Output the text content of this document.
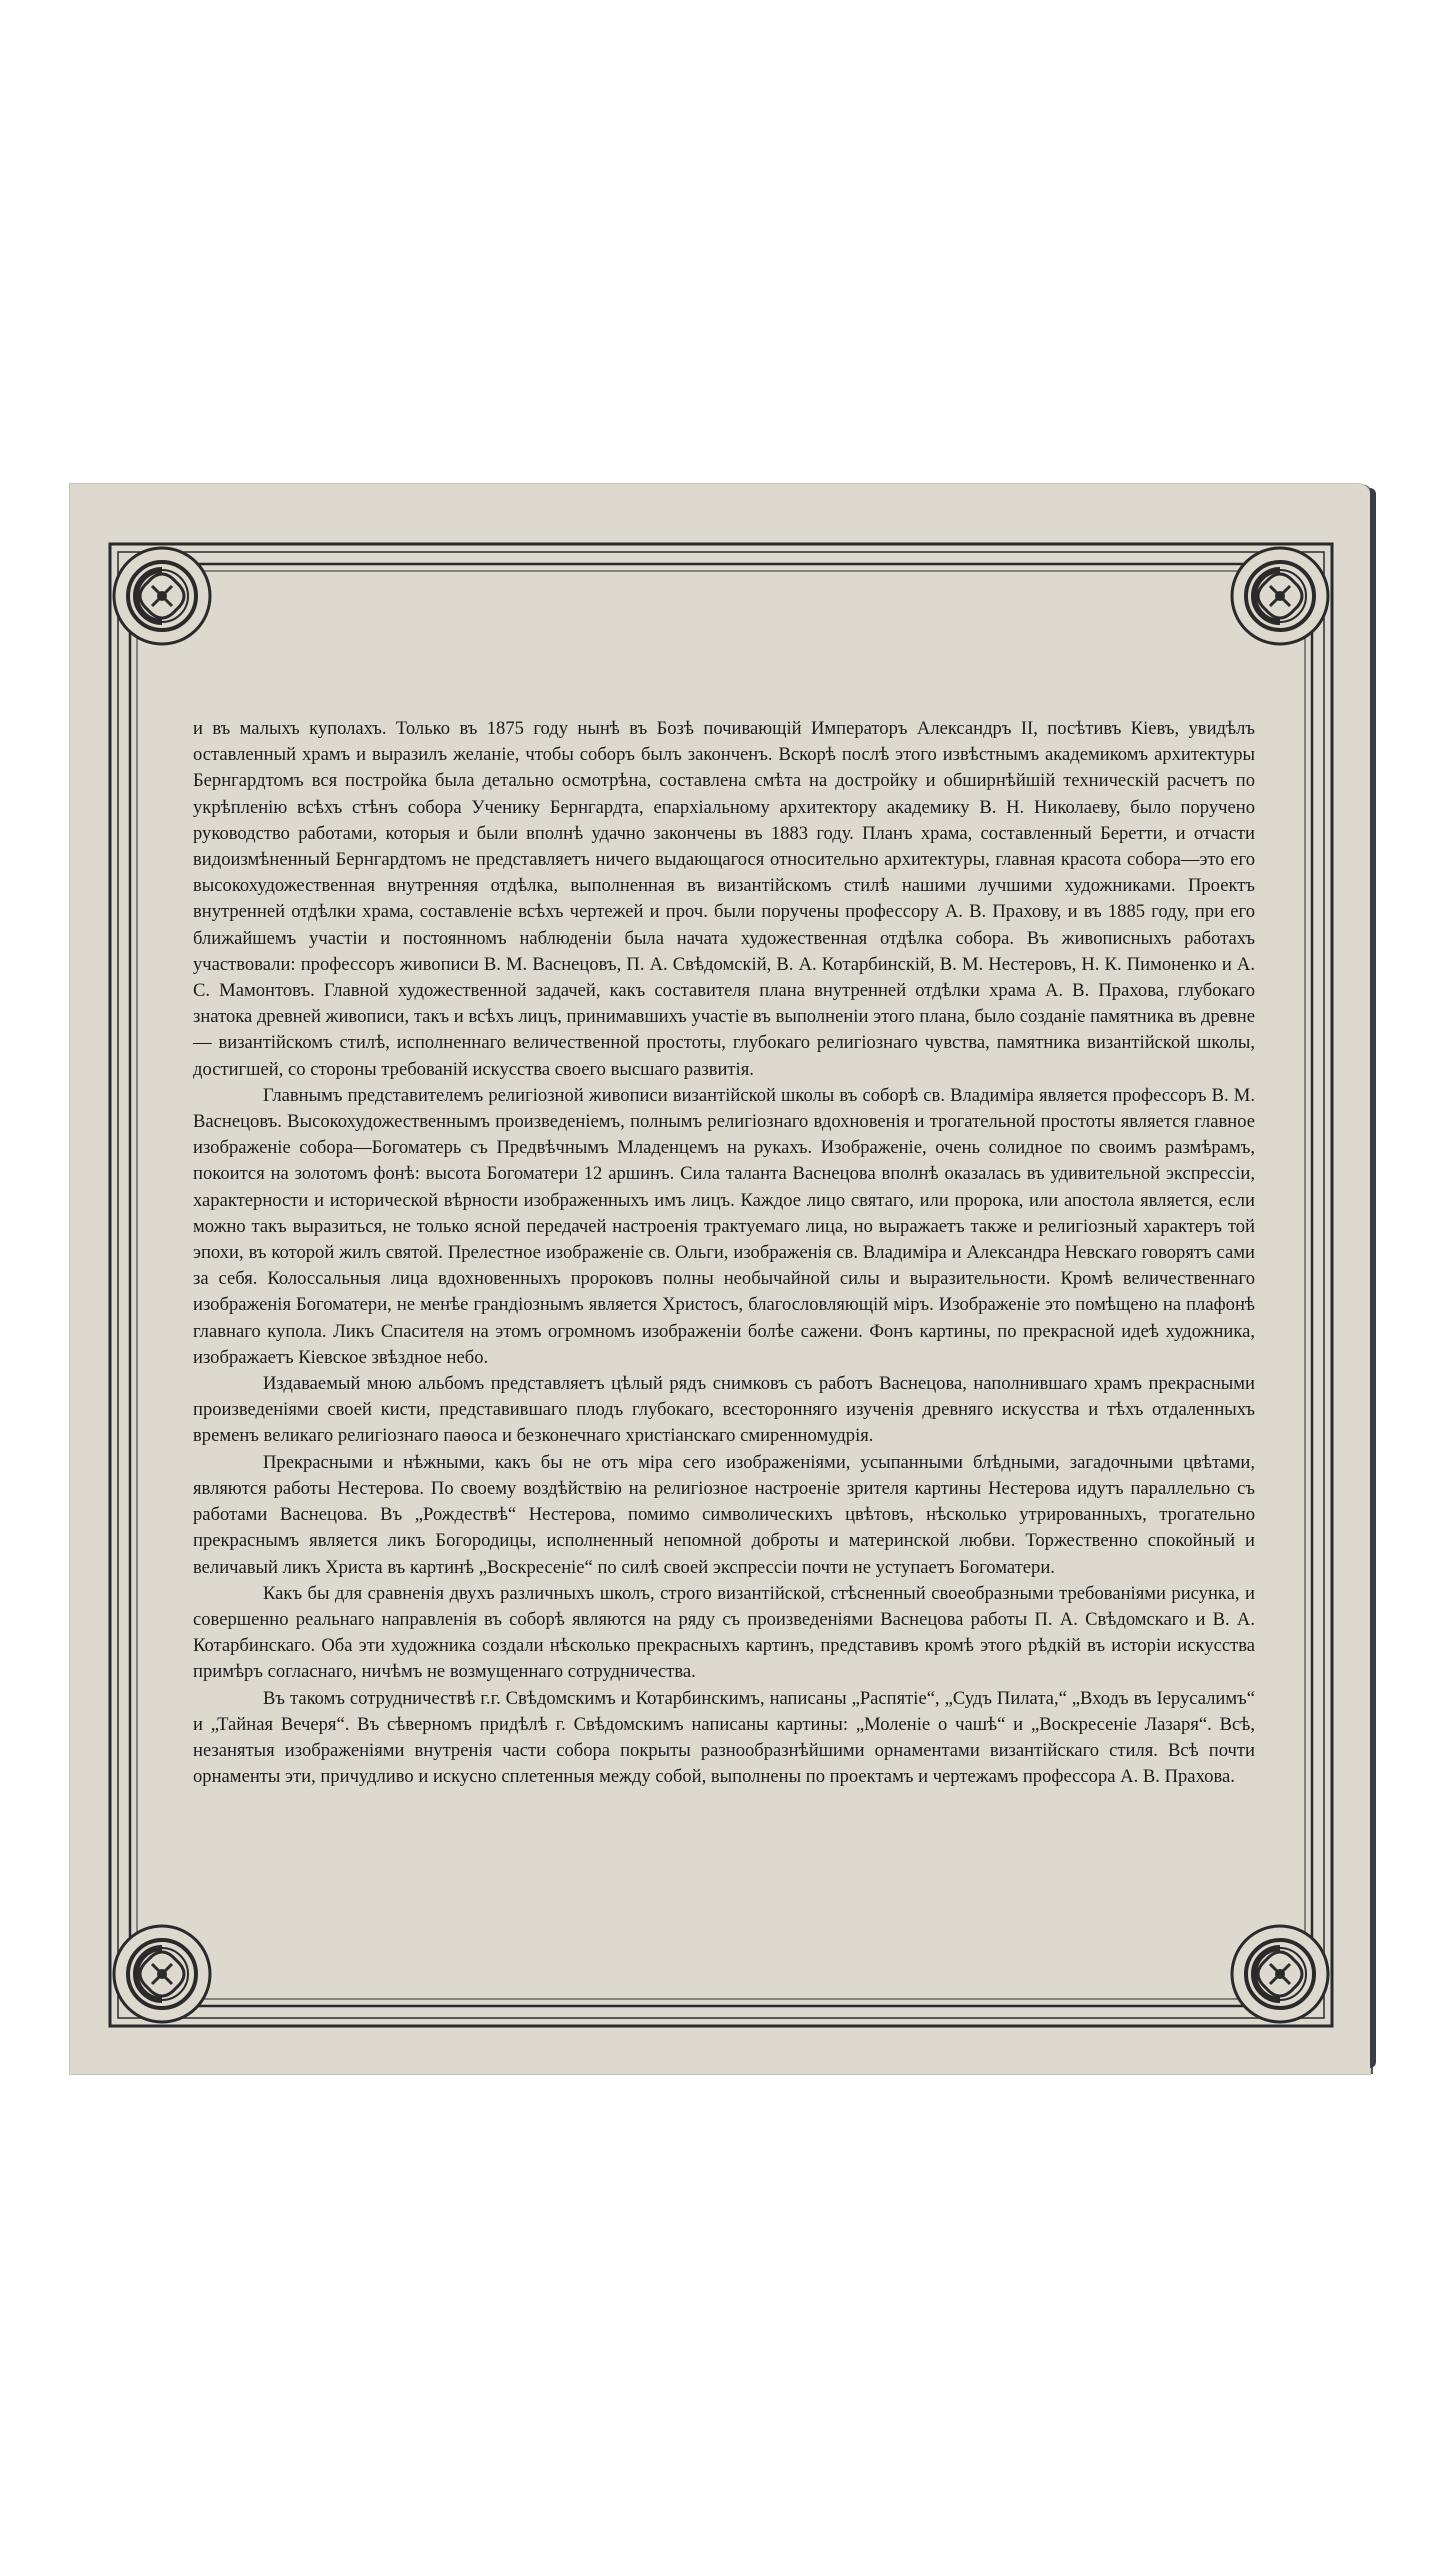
и въ малыхъ куполахъ. Только въ 1875 году нынѣ въ Бозѣ почивающій Императоръ Александръ II, посѣтивъ Кіевъ, увидѣлъ оставленный храмъ и выразилъ желаніе, чтобы соборъ былъ законченъ. Вскорѣ послѣ этого извѣстнымъ академикомъ архитектуры Бернгардтомъ вся постройка была детально осмотрѣна, составлена смѣта на достройку и обширнѣйшій техническій расчетъ по укрѣпленію всѣхъ стѣнъ собора Ученику Бернгардта, епархіальному архитектору академику В. Н. Николаеву, было поручено руководство работами, которыя и были вполнѣ удачно закончены въ 1883 году. Планъ храма, составленный Беретти, и отчасти видоизмѣненный Бернгардтомъ не представляетъ ничего выдающагося относительно архитектуры, главная красота собора—это его высокохудожественная внутренняя отдѣлка, выполненная въ византійскомъ стилѣ нашими лучшими художниками. Проектъ внутренней отдѣлки храма, составленіе всѣхъ чертежей и проч. были поручены профессору А. В. Прахову, и въ 1885 году, при его ближайшемъ участіи и постоянномъ наблюденіи была начата художественная отдѣлка собора. Въ живописныхъ работахъ участвовали: профессоръ живописи В. М. Васнецовъ, П. А. Свѣдомскій, В. А. Котарбинскій, В. М. Нестеровъ, Н. К. Пимоненко и А. С. Мамонтовъ. Главной художественной задачей, какъ составителя плана внутренней отдѣлки храма А. В. Прахова, глубокаго знатока древней живописи, такъ и всѣхъ лицъ, принимавшихъ участіе въ выполненіи этого плана, было созданіе памятника въ древне — византійскомъ стилѣ, исполненнаго величественной простоты, глубокаго религіознаго чувства, памятника византійской школы, достигшей, со стороны требованій искусства своего высшаго развитія.

Главнымъ представителемъ религіозной живописи византійской школы въ соборѣ св. Владиміра является профессоръ В. М. Васнецовъ. Высокохудожественнымъ произведеніемъ, полнымъ религіознаго вдохновенія и трогательной простоты является главное изображеніе собора—Богоматерь съ Предвѣчнымъ Младенцемъ на рукахъ. Изображеніе, очень солидное по своимъ размѣрамъ, покоится на золотомъ фонѣ: высота Богоматери 12 аршинъ. Сила таланта Васнецова вполнѣ оказалась въ удивительной экспрессіи, характерности и исторической вѣрности изображенныхъ имъ лицъ. Каждое лицо святаго, или пророка, или апостола является, если можно такъ выразиться, не только ясной передачей настроенія трактуемаго лица, но выражаетъ также и религіозный характеръ той эпохи, въ которой жилъ святой. Прелестное изображеніе св. Ольги, изображенія св. Владиміра и Александра Невскаго говорятъ сами за себя. Колоссальныя лица вдохновенныхъ пророковъ полны необычайной силы и выразительности. Кромѣ величественнаго изображенія Богоматери, не менѣе грандіознымъ является Христосъ, благословляющій міръ. Изображеніе это помѣщено на плафонѣ главнаго купола. Ликъ Спасителя на этомъ огромномъ изображеніи болѣе сажени. Фонъ картины, по прекрасной идеѣ художника, изображаетъ Кіевское звѣздное небо.

Издаваемый мною альбомъ представляетъ цѣлый рядъ снимковъ съ работъ Васнецова, наполнившаго храмъ прекрасными произведеніями своей кисти, представившаго плодъ глубокаго, всесторонняго изученія древняго искусства и тѣхъ отдаленныхъ временъ великаго религіознаго паѳоса и безконечнаго христіанскаго смиренномудрія.

Прекрасными и нѣжными, какъ бы не отъ міра сего изображеніями, усыпанными блѣдными, загадочными цвѣтами, являются работы Нестерова. По своему воздѣйствію на религіозное настроеніе зрителя картины Нестерова идутъ параллельно съ работами Васнецова. Въ „Рождествѣ“ Нестерова, помимо символическихъ цвѣтовъ, нѣсколько утрированныхъ, трогательно прекраснымъ является ликъ Богородицы, исполненный непомной доброты и материнской любви. Торжественно спокойный и величавый ликъ Христа въ картинѣ „Воскресеніе“ по силѣ своей экспрессіи почти не уступаетъ Богоматери.

Какъ бы для сравненія двухъ различныхъ школъ, строго византійской, стѣсненный своеобразными требованіями рисунка, и совершенно реальнаго направленія въ соборѣ являются на ряду съ произведеніями Васнецова работы П. А. Свѣдомскаго и В. А. Котарбинскаго. Оба эти художника создали нѣсколько прекрасныхъ картинъ, представивъ кромѣ этого рѣдкій въ исторіи искусства примѣръ согласнаго, ничѣмъ не возмущеннаго сотрудничества.

Въ такомъ сотрудничествѣ г.г. Свѣдомскимъ и Котарбинскимъ, написаны „Распятіе“, „Судъ Пилата,“ „Входъ въ Іерусалимъ“ и „Тайная Вечеря“. Въ сѣверномъ придѣлѣ г. Свѣдомскимъ написаны картины: „Моленіе о чашѣ“ и „Воскресеніе Лазаря“. Всѣ, незанятыя изображеніями внутренія части собора покрыты разнообразнѣйшими орнаментами византійскаго стиля. Всѣ почти орнаменты эти, причудливо и искусно сплетенныя между собой, выполнены по проектамъ и чертежамъ профессора А. В. Прахова.
